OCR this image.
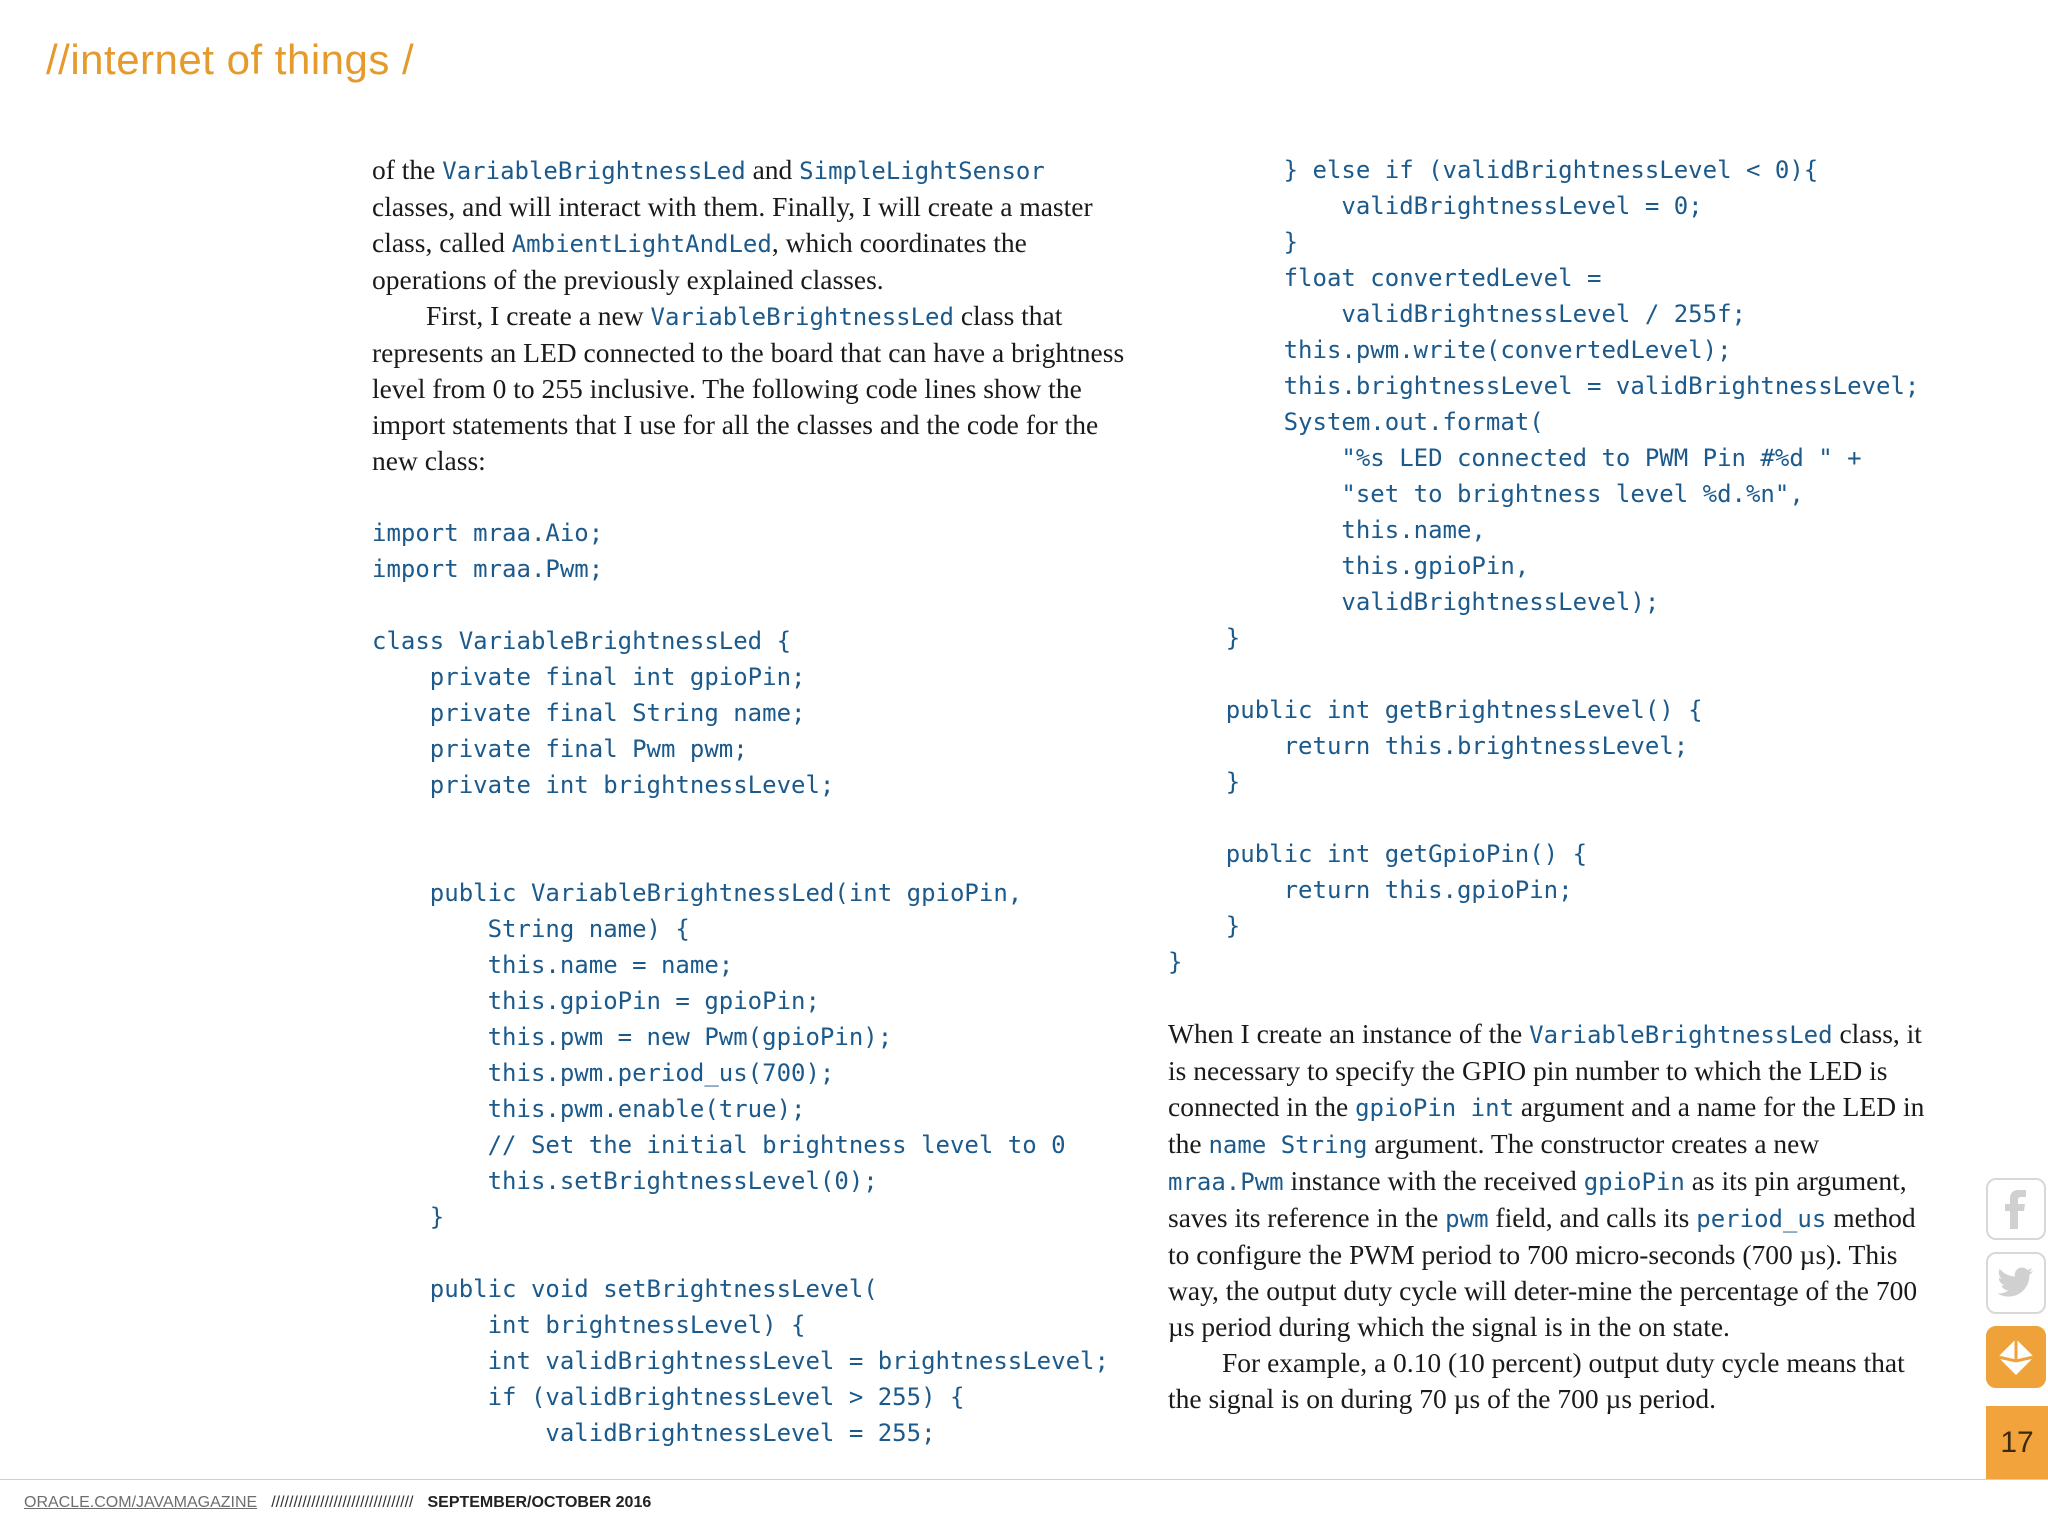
//internet of things /

of the VariableBrightnessLed and SimpleLightSensor classes, and will interact with them. Finally, I will create a master class, called AmbientLightAndLed, which coordinates the operations of the previously explained classes.

First, I create a new VariableBrightnessLed class that represents an LED connected to the board that can have a brightness level from 0 to 255 inclusive. The following code lines show the import statements that I use for all the classes and the code for the new class:

import mraa.Aio;
import mraa.Pwm;

class VariableBrightnessLed {
private final int gpioPin;
private final String name;
private final Pwm pwm;
private int brightnessLevel;

public VariableBrightnessLed(int gpioPin,
String name) {
this.name = name;
this.gpioPin = gpioPin;
this.pwm = new Pwm(gpioPin);
this.pwm.period_us(700);
this.pwm.enable(true);
// Set the initial brightness level to 0
this.setBrightnessLevel(0);
}

public void setBrightnessLevel(
int brightnessLevel) {
int validBrightnessLevel = brightnessLevel;
if (validBrightnessLevel > 255) {
validBrightnessLevel = 255;
} else if (validBrightnessLevel < 0){
validBrightnessLevel = 0;
}
float convertedLevel =
validBrightnessLevel / 255f;
this.pwm.write(convertedLevel);
this.brightnessLevel = validBrightnessLevel;
System.out.format(
"%s LED connected to PWM Pin #%d " +
"set to brightness level %d.%n",
this.name,
this.gpioPin,
validBrightnessLevel);
}

public int getBrightnessLevel() {
return this.brightnessLevel;
}

public int getGpioPin() {
return this.gpioPin;
}
}

When I create an instance of the VariableBrightnessLed class, it is necessary to specify the GPIO pin number to which the LED is connected in the gpioPin int argument and a name for the LED in the name String argument. The constructor creates a new mraa.Pwm instance with the received gpioPin as its pin argument, saves its reference in the pwm field, and calls its period_us method to configure the PWM period to 700 micro-seconds (700 µs). This way, the output duty cycle will deter-mine the percentage of the 700 µs period during which the signal is in the on state.

For example, a 0.10 (10 percent) output duty cycle means that the signal is on during 70 µs of the 700 µs period.

17
ORACLE.COM/JAVAMAGAZINE //////////////////////////////// SEPTEMBER/OCTOBER 2016
